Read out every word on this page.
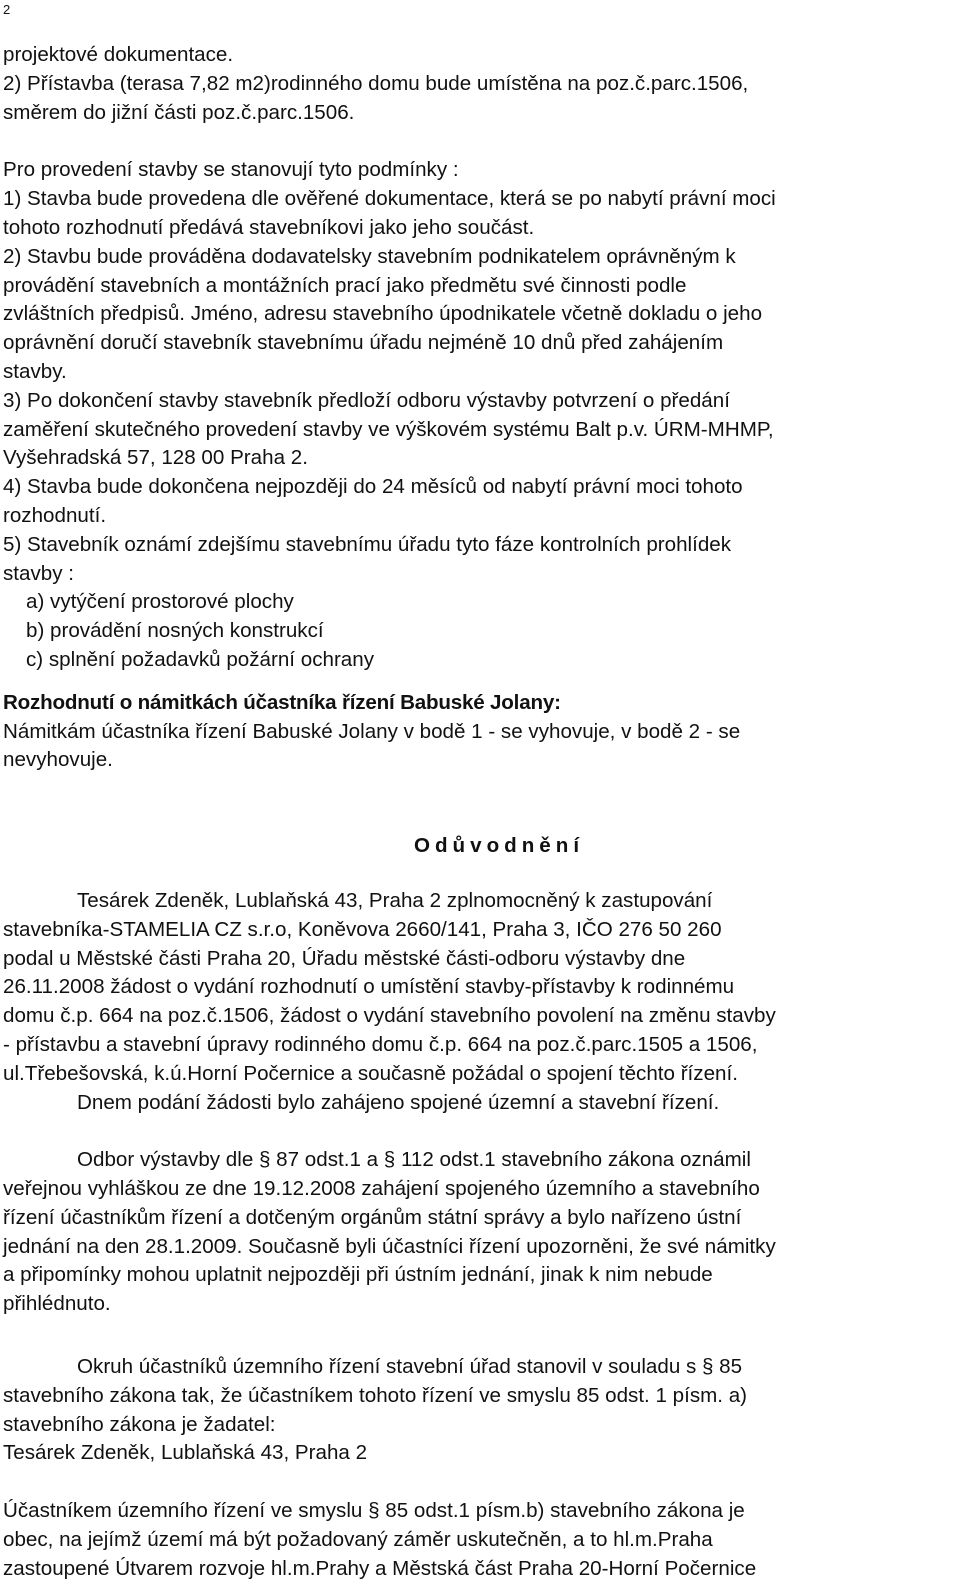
2
projektové dokumentace.
2) Přístavba (terasa 7,82 m2)rodinného domu bude umístěna na poz.č.parc.1506,
směrem do jižní části poz.č.parc.1506.
Pro provedení stavby se stanovují tyto podmínky :
1) Stavba bude provedena dle ověřené dokumentace, která se po nabytí právní moci
tohoto rozhodnutí předává stavebníkovi jako jeho součást.
2) Stavbu bude prováděna dodavatelsky stavebním podnikatelem oprávněným k
provádění stavebních a montážních prací jako předmětu své činnosti podle
zvláštních předpisů. Jméno, adresu stavebního úpodnikatele včetně dokladu o jeho
oprávnění doručí stavebník stavebnímu úřadu nejméně 10 dnů před zahájením
stavby.
3) Po dokončení stavby stavebník předloží odboru výstavby potvrzení o předání
zaměření skutečného provedení stavby ve výškovém systému Balt p.v. ÚRM-MHMP,
Vyšehradská 57, 128 00 Praha 2.
4) Stavba bude dokončena nejpozději do 24 měsíců od nabytí právní moci tohoto
rozhodnutí.
5) Stavebník oznámí zdejšímu stavebnímu úřadu tyto fáze kontrolních prohlídek
stavby :
a) vytýčení prostorové plochy
b) provádění nosných konstrukcí
c) splnění požadavků požární ochrany
Rozhodnutí o námitkách účastníka řízení Babuské Jolany:
Námitkám účastníka řízení Babuské Jolany v bodě 1 - se vyhovuje, v bodě 2 - se
nevyhovuje.
Odůvodnění
Tesárek Zdeněk, Lublaňská 43, Praha 2 zplnomocněný k zastupování
stavebníka-STAMELIA CZ s.r.o, Koněvova 2660/141, Praha 3, IČO 276 50 260
podal u Městské části Praha 20, Úřadu městské části-odboru výstavby dne
26.11.2008 žádost o vydání rozhodnutí o umístění stavby-přístavby k rodinnému
domu č.p. 664 na poz.č.1506, žádost o vydání stavebního povolení na změnu stavby
- přístavbu a stavební úpravy rodinného domu č.p. 664 na poz.č.parc.1505 a 1506,
ul.Třebešovská, k.ú.Horní Počernice a současně požádal o spojení těchto řízení.
Dnem podání žádosti bylo zahájeno spojené územní a stavební řízení.
Odbor výstavby dle § 87 odst.1 a § 112 odst.1 stavebního zákona oznámil
veřejnou vyhláškou ze dne 19.12.2008 zahájení spojeného územního a stavebního
řízení účastníkům řízení a dotčeným orgánům státní správy a bylo nařízeno ústní
jednání na den 28.1.2009. Současně byli účastníci řízení upozorněni, že své námitky
a připomínky mohou uplatnit nejpozději při ústním jednání, jinak k nim nebude
přihlédnuto.
Okruh účastníků územního řízení stavební úřad stanovil v souladu s § 85
stavebního zákona tak, že účastníkem tohoto řízení ve smyslu 85 odst. 1 písm. a)
stavebního zákona je žadatel:
Tesárek Zdeněk, Lublaňská 43, Praha 2
Účastníkem územního řízení ve smyslu § 85 odst.1 písm.b) stavebního zákona je
obec, na jejímž území má být požadovaný záměr uskutečněn, a to hl.m.Praha
zastoupené Útvarem rozvoje hl.m.Prahy a Městská část Praha 20-Horní Počernice
